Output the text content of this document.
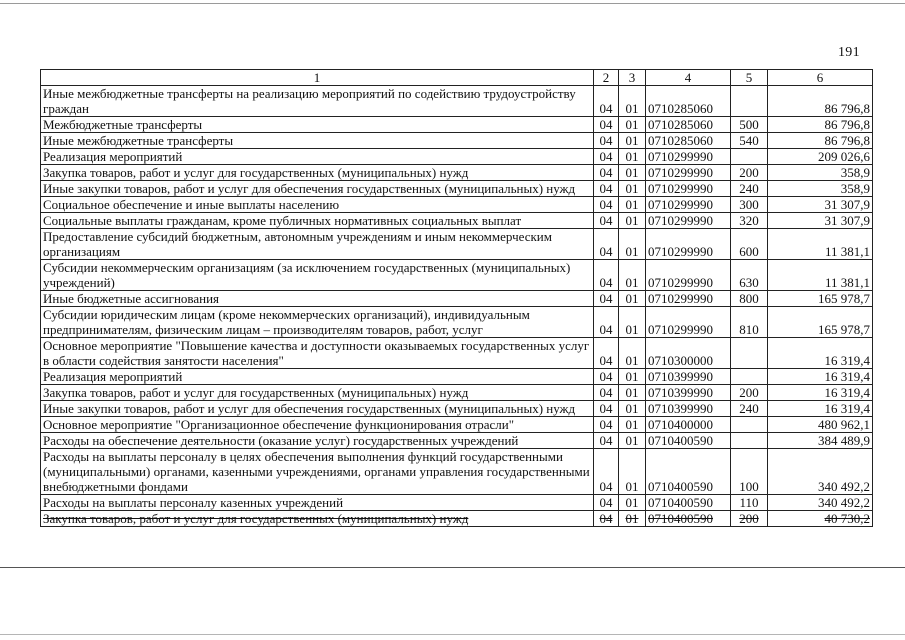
191
1	2	3	4	5	6
Иные межбюджетные трансферты на реализацию мероприятий по содействию трудоустройству граждан	04	01	0710285060		86 796,8
Межбюджетные трансферты	04	01	0710285060	500	86 796,8
Иные межбюджетные трансферты	04	01	0710285060	540	86 796,8
Реализация мероприятий	04	01	0710299990		209 026,6
Закупка товаров, работ и услуг для государственных (муниципальных) нужд	04	01	0710299990	200	358,9
Иные закупки товаров, работ и услуг для обеспечения государственных (муниципальных) нужд	04	01	0710299990	240	358,9
Социальное обеспечение и иные выплаты населению	04	01	0710299990	300	31 307,9
Социальные выплаты гражданам, кроме публичных нормативных социальных выплат	04	01	0710299990	320	31 307,9
Предоставление субсидий бюджетным, автономным учреждениям и иным некоммерческим организациям	04	01	0710299990	600	11 381,1
Субсидии некоммерческим организациям (за исключением государственных (муниципальных) учреждений)	04	01	0710299990	630	11 381,1
Иные бюджетные ассигнования	04	01	0710299990	800	165 978,7
Субсидии юридическим лицам (кроме некоммерческих организаций), индивидуальным предпринимателям, физическим лицам – производителям товаров, работ, услуг	04	01	0710299990	810	165 978,7
Основное мероприятие "Повышение качества и доступности оказываемых государственных услуг в области содействия занятости населения"	04	01	0710300000		16 319,4
Реализация мероприятий	04	01	0710399990		16 319,4
Закупка товаров, работ и услуг для государственных (муниципальных) нужд	04	01	0710399990	200	16 319,4
Иные закупки товаров, работ и услуг для обеспечения государственных (муниципальных) нужд	04	01	0710399990	240	16 319,4
Основное мероприятие "Организационное обеспечение функционирования отрасли"	04	01	0710400000		480 962,1
Расходы на обеспечение деятельности (оказание услуг) государственных учреждений	04	01	0710400590		384 489,9
Расходы на выплаты персоналу в целях обеспечения выполнения функций государственными (муниципальными) органами, казенными учреждениями, органами управления государственными внебюджетными фондами	04	01	0710400590	100	340 492,2
Расходы на выплаты персоналу казенных учреждений	04	01	0710400590	110	340 492,2
Закупка товаров, работ и услуг для государственных (муниципальных) нужд	04	01	0710400590	200	40 730,2
